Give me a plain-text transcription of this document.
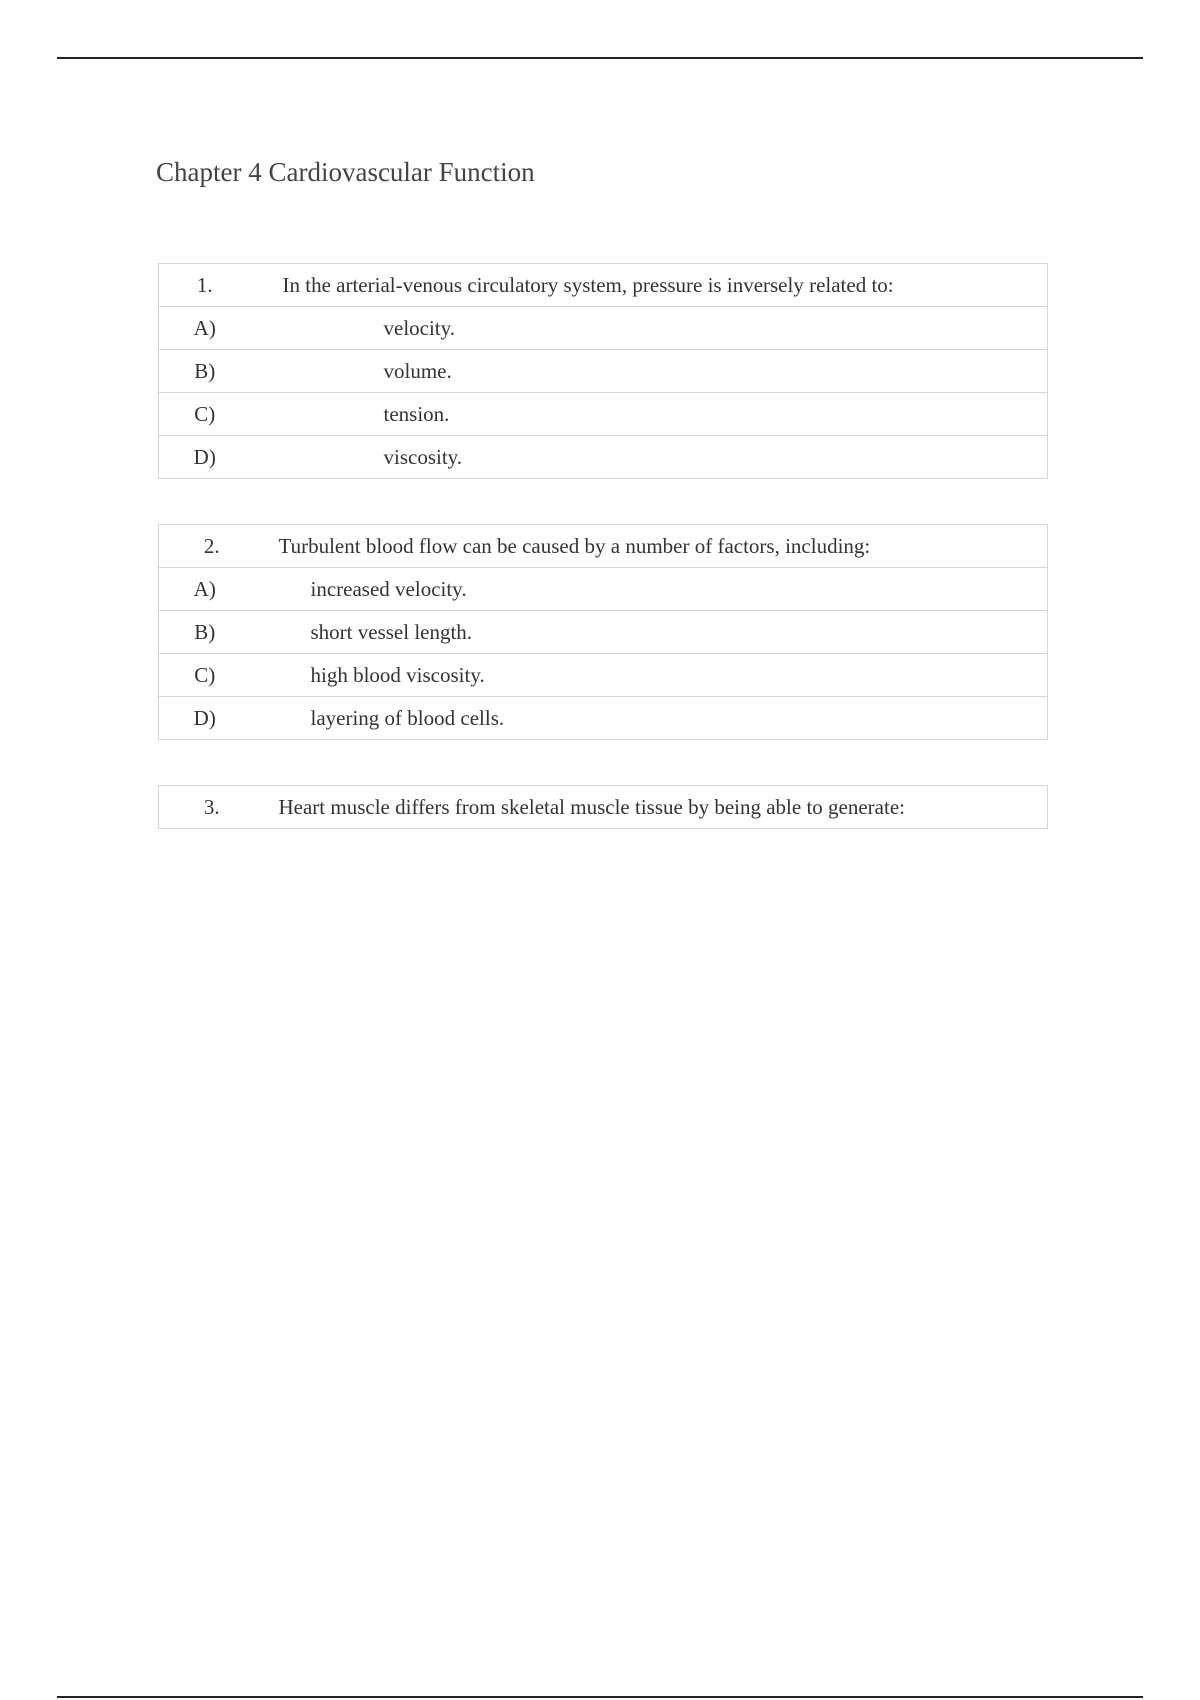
Chapter 4 Cardiovascular Function
1.	In the arterial-venous circulatory system, pressure is inversely related to:
A)	velocity.
B)	volume.
C)	tension.
D)	viscosity.
2.	Turbulent blood flow can be caused by a number of factors, including:
A)	increased velocity.
B)	short vessel length.
C)	high blood viscosity.
D)	layering of blood cells.
3.	Heart muscle differs from skeletal muscle tissue by being able to generate:
